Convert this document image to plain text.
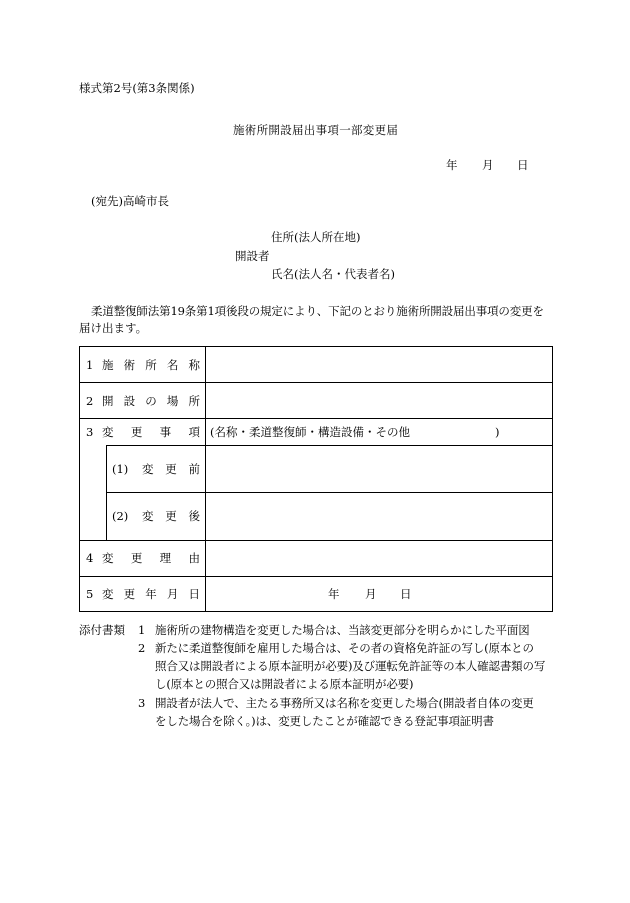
様式第2号(第3条関係)
施術所開設届出事項一部変更届
年 月 日
(宛先)高崎市長
住所(法人所在地)
開設者
氏名(法人名・代表者名)
柔道整復師法第19条第1項後段の規定により、下記のとおり施術所開設届出事項の変更を
届け出ます。
1 施 術 所 名 称
2 開 設 の 場 所
3 変 更 事 項 (名称・柔道整復師・構造設備・その他	)
(1) 変 更 前
(2) 変 更 後
4 変 更 理 由
5 変 更 年 月 日	年 月 日
添付書類 1 施術所の建物構造を変更した場合は、当該変更部分を明らかにした平面図
2 新たに柔道整復師を雇用した場合は、その者の資格免許証の写し(原本との
照合又は開設者による原本証明が必要)及び運転免許証等の本人確認書類の写
し(原本との照合又は開設者による原本証明が必要)
3 開設者が法人で、主たる事務所又は名称を変更した場合(開設者自体の変更
をした場合を除く。)は、変更したことが確認できる登記事項証明書
